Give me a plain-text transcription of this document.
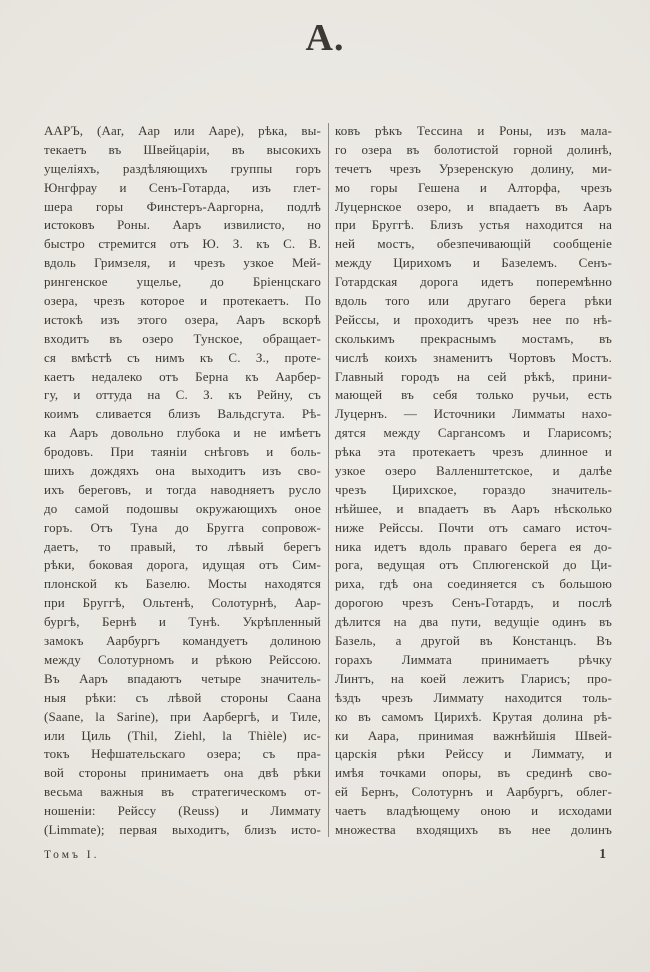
А.
ААРЪ, (Aar, Аар или Ааре), рѣка, вы-
текаетъ въ Швейцаріи, въ высокихъ
ущеліяхъ, раздѣляющихъ группы горъ
Юнгфрау и Сенъ-Готарда, изъ глет-
шера горы Финстеръ-Ааргорна, подлѣ
истоковъ Роны. Ааръ извилисто, но
быстро стремится отъ Ю. З. къ С. В.
вдоль Гримзеля, и чрезъ узкое Мей-
рингенское ущелье, до Бріенцскаго
озера, чрезъ которое и протекаетъ. По
истокѣ изъ этого озера, Ааръ вскорѣ
входитъ въ озеро Тунское, обращает-
ся вмѣстѣ съ нимъ къ С. З., проте-
каетъ недалеко отъ Берна къ Аарбер-
гу, и оттуда на С. З. къ Рейну, съ
коимъ сливается близъ Вальдсгута. Рѣ-
ка Ааръ довольно глубока и не имѣетъ
бродовъ. При таяніи снѣговъ и боль-
шихъ дождяхъ она выходитъ изъ сво-
ихъ береговъ, и тогда наводняетъ русло
до самой подошвы окружающихъ оное
горъ. Отъ Туна до Бругга сопровож-
даетъ, то правый, то лѣвый берегъ
рѣки, боковая дорога, идущая отъ Сим-
плонской къ Базелю. Мосты находятся
при Бруггѣ, Ольтенѣ, Солотурнѣ, Аар-
бургѣ, Бернѣ и Тунѣ. Укрѣпленный
замокъ Аарбургъ командуетъ долиною
между Солотурномъ и рѣкою Рейссою.
Въ Ааръ впадаютъ четыре значитель-
ныя рѣки: съ лѣвой стороны Саана
(Saane, la Sarine), при Аарбергѣ, и Тиле,
или Циль (Thil, Ziehl, la Thièle) ис-
токъ Нефшательскаго озера; съ пра-
вой стороны принимаетъ она двѣ рѣки
весьма важныя въ стратегическомъ от-
ношеніи: Рейссу (Reuss) и Лиммату
(Limmate); первая выходитъ, близъ исто-
ковъ рѣкъ Тессина и Роны, изъ мала-
го озера въ болотистой горной долинѣ,
течетъ чрезъ Урзеренскую долину, ми-
мо горы Гешена и Алторфа, чрезъ
Луцернское озеро, и впадаетъ въ Ааръ
при Бруггѣ. Близъ устья находится на
ней мостъ, обезпечивающій сообщеніе
между Цирихомъ и Базелемъ. Сенъ-
Готардская дорога идетъ поперемѣнно
вдоль того или другаго берега рѣки
Рейссы, и проходитъ чрезъ нее по нѣ-
сколькимъ прекраснымъ мостамъ, въ
числѣ коихъ знаменитъ Чортовъ Мостъ.
Главный городъ на сей рѣкѣ, прини-
мающей въ себя только ручьи, есть
Луцернъ. — Источники Лимматы нахо-
дятся между Саргансомъ и Гларисомъ;
рѣка эта протекаетъ чрезъ длинное и
узкое озеро Валленштетское, и далѣе
чрезъ Цирихское, гораздо значитель-
нѣйшее, и впадаетъ въ Ааръ нѣсколько
ниже Рейссы. Почти отъ самаго источ-
ника идетъ вдоль праваго берега ея до-
рога, ведущая отъ Сплюгенской до Ци-
риха, гдѣ она соединяется съ большою
дорогою чрезъ Сенъ-Готардъ, и послѣ
дѣлится на два пути, ведущіе одинъ въ
Базель, а другой въ Констанцъ. Въ
горахъ Лиммата принимаетъ рѣчку
Линтъ, на коей лежитъ Гларисъ; про-
ѣздъ чрезъ Лиммату находится толь-
ко въ самомъ Цирихѣ. Крутая долина рѣ-
ки Аара, принимая важнѣйшія Швей-
царскія рѣки Рейссу и Лиммату, и
имѣя точками опоры, въ срединѣ сво-
ей Бернъ, Солотурнъ и Аарбургъ, облег-
чаетъ владѣющему оною и исходами
множества входящихъ въ нее долинъ
Томъ I.	1
